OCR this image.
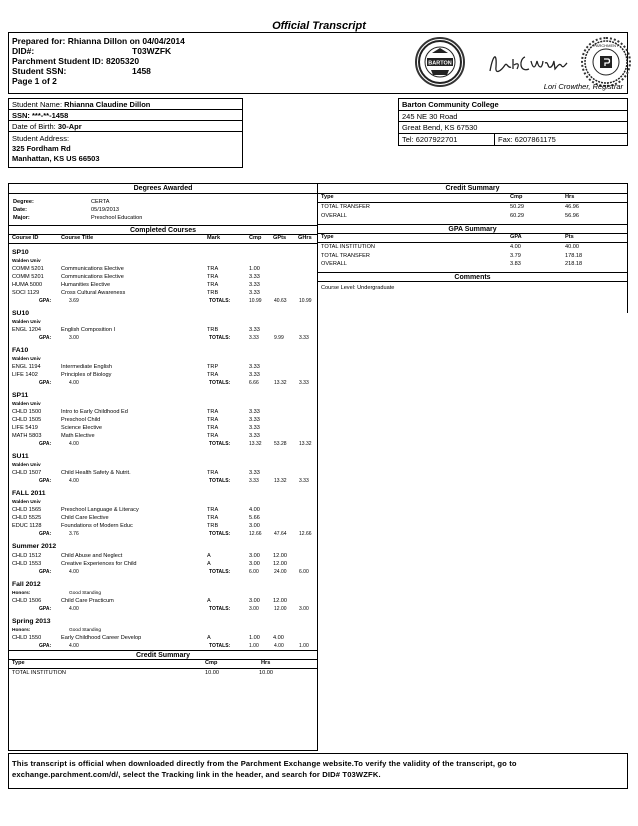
Official Transcript
Prepared for: Rhianna Dillon on 04/04/2014
DID#:	T03WZFK
Parchment Student ID: 8205320
Student SSN:	1458
Page 1 of 2
BARTON
PARCHMENT
Lori Crowther, Registrar
Student Name: Rhianna Claudine Dillon
SSN: ***-**-1458
Date of Birth: 30-Apr
Student Address:
325 Fordham Rd
Manhattan, KS US 66503
Barton Community College
245 NE 30 Road
Great Bend, KS 67530
Tel: 6207922701	Fax: 6207861175
Degrees Awarded
Degree:	CERTA
Date:	05/19/2013
Major:	Preschool Education
Completed Courses
Course ID	Course Title	Mark	Cmp GPts GHrs
SP10
Walden Univ
COMM 5201	Communications Elective	TRA	1.00
COMM 5201	Communications Elective	TRA	3.33
HUMA 5000	Humanities Elective	TRA	3.33
SOCI 1129	Cross Cultural Awareness	TRB	3.33
GPA:	3.69	TOTALS:	10.99 40.63 10.99
SU10
Walden Univ
ENGL 1204	English Composition I	TRB	3.33
GPA:	3.00	TOTALS:	3.33	9.99	3.33
FA10
Walden Univ
ENGL 1194	Intermediate English	TRP	3.33
LIFE 1402	Principles of Biology	TRA	3.33
GPA:	4.00	TOTALS:	6.66	13.32 3.33
SP11
Walden Univ
CHLD 1500	Intro to Early Childhood Ed	TRA	3.33
CHLD 1505	Preschool Child	TRA	3.33
LIFE 5419	Science Elective	TRA	3.33
MATH 5803	Math Elective	TRA	3.33
GPA:	4.00	TOTALS:	13.32 53.28 13.32
SU11
Walden Univ
CHLD 1507	Child Health Safety & Nutrit.	TRA	3.33
GPA:	4.00	TOTALS:	3.33	13.32 3.33
FALL 2011
Walden Univ
CHLD 1565	Preschool Language & Literacy	TRA	4.00
CHLD 5525	Child Care Elective	TRA	5.66
EDUC 1128	Foundations of Modern Educ	TRB	3.00
GPA:	3.76	TOTALS:	12.66 47.64 12.66
Summer 2012
CHLD 1512	Child Abuse and Neglect	A	3.00 12.00
CHLD 1553	Creative Experiences for Child	A	3.00 12.00
GPA:	4.00	TOTALS:	6.00	24.00 6.00
Fall 2012
Honors:	Good Standing
CHLD 1506	Child Care Practicum	A	3.00 12.00
GPA:	4.00	TOTALS:	3.00	12.00 3.00
Spring 2013
Honors:	Good Standing
CHLD 1550	Early Childhood Career Develop	A	1.00 4.00
GPA:	4.00	TOTALS:	1.00	4.00	1.00
Credit Summary
Type	Cmp	Hrs
TOTAL INSTITUTION	10.00	10.00
Credit Summary
Type	Cmp	Hrs
TOTAL TRANSFER	50.29	46.96
OVERALL	60.29	56.96
GPA Summary
Type	GPA	Pts
TOTAL INSTITUTION	4.00	40.00
TOTAL TRANSFER	3.79	178.18
OVERALL	3.83	218.18
Comments
Course Level: Undergraduate
This transcript is official when downloaded directly from the Parchment Exchange website.To verify the validity of the transcript, go to exchange.parchment.com/d/, select the Tracking link in the header, and search for DID# T03WZFK.
